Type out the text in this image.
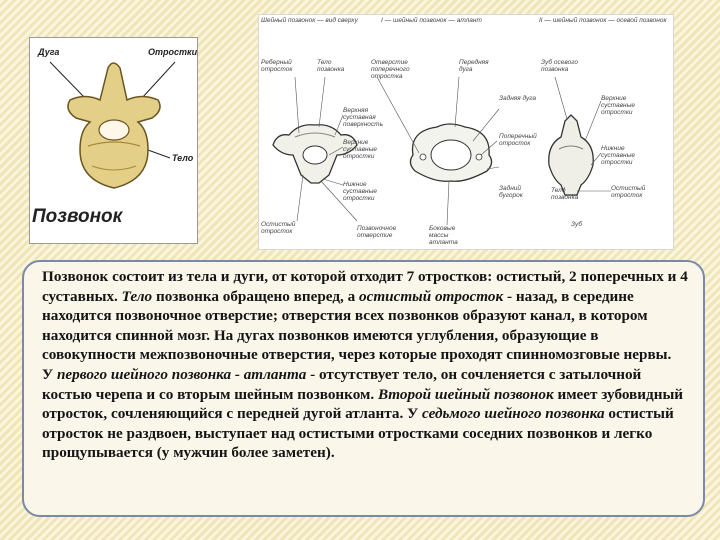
Дуга	Отростки
Тело
Позвонок
Шейный позвонок — вид сверху	I — шейный позвонок — атлант	II — шейный позвонок — осевой позвонок
Реберный отросток
Тело позвонка
Отверстие поперечного отростка
Передняя дуга
Зуб осевого позвонка
Задняя дуга
Верхняя суставная поверхность
Верхние суставные отростки
Нижние суставные отростки
Позвоночное отверстие
Боковые массы атланта
Остистый отросток
Поперечный отросток
Задний бугорок
Верхние суставные отростки
Нижние суставные отростки
Тело позвонка
Зуб
Остистый отросток

Позвонок состоит из тела и дуги, от которой отходит 7 отростков: остистый, 2 поперечных и 4 суставных. Тело позвонка обращено вперед, а остистый отросток - назад, в середине находится позвоночное отверстие; отверстия всех позвонков образуют канал, в котором находится спинной мозг. На дугах позвонков имеются углубления, образующие в совокупности межпозвоночные отверстия, через которые проходят спинномозговые нервы.

У первого шейного позвонка - атланта - отсутствует тело, он сочленяется с затылочной костью черепа и со вторым шейным позвонком. Второй шейный позвонок имеет зубовидный отросток, сочленяющийся с передней дугой атланта. У седьмого шейного позвонка остистый отросток не раздвоен, выступает над остистыми отростками соседних позвонков и легко прощупывается (у мужчин более заметен).
